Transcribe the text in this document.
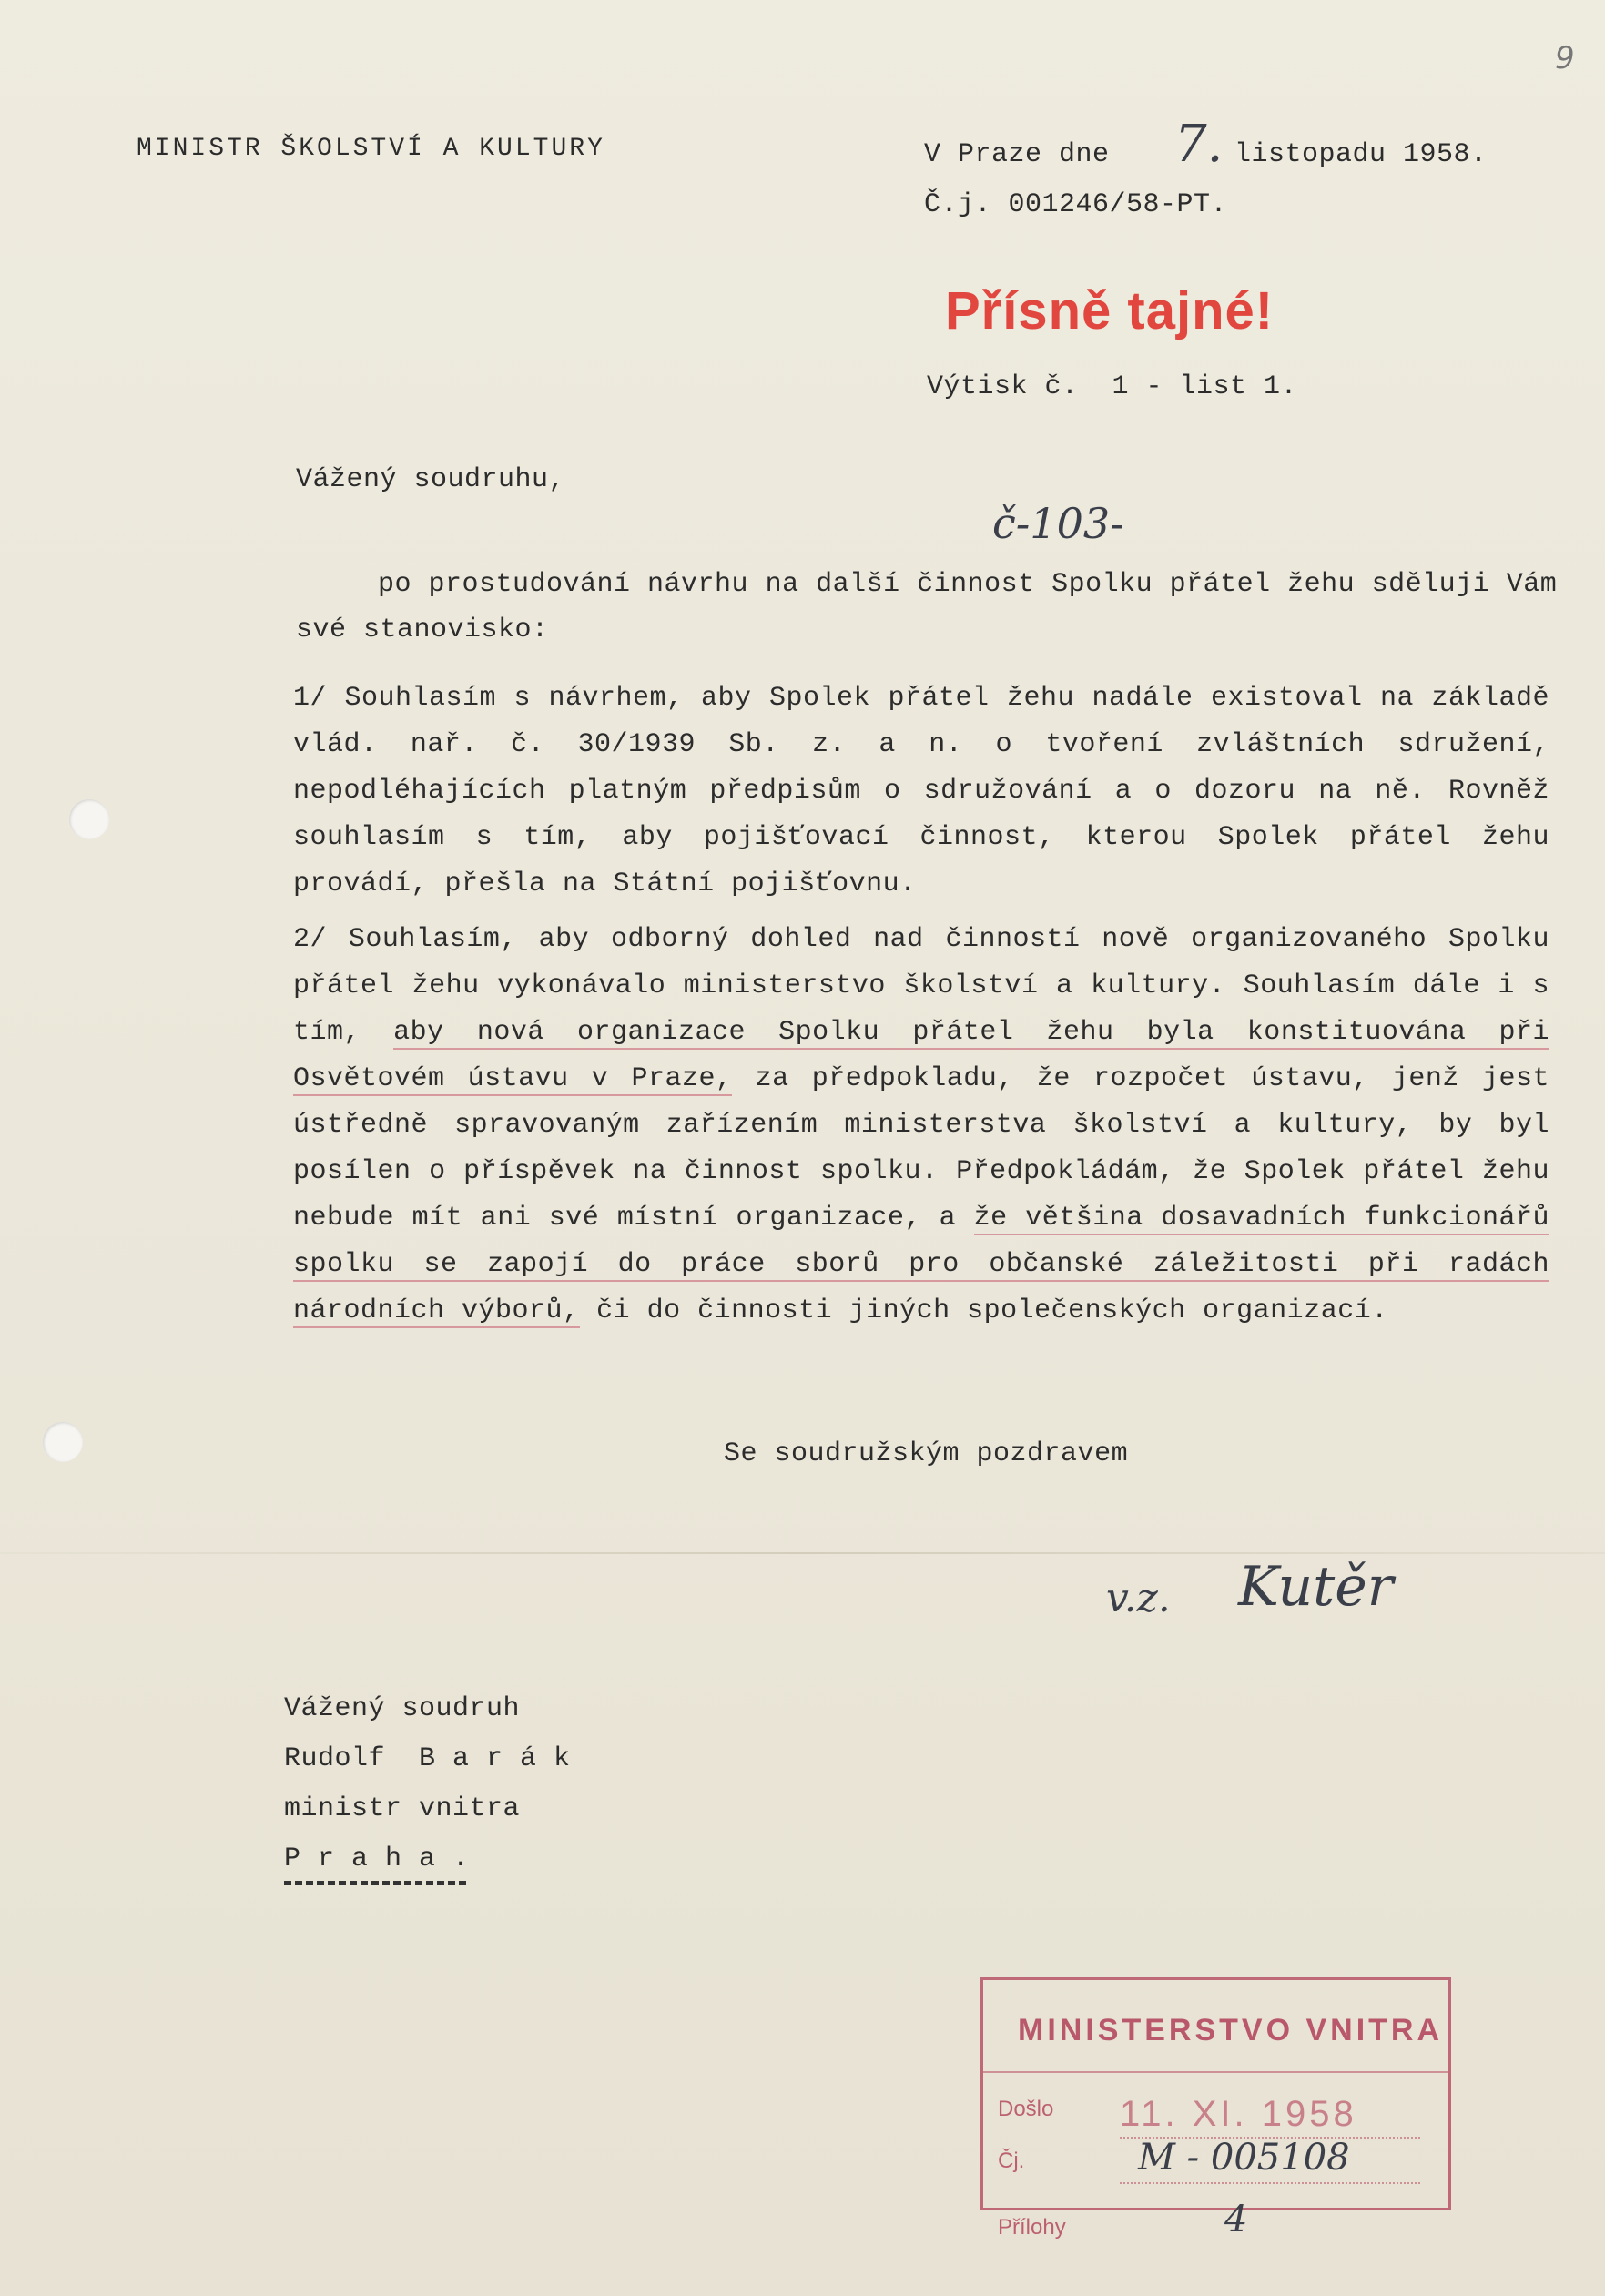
9
MINISTR ŠKOLSTVÍ A KULTURY	V Praze dne 7. listopadu 1958.
Č.j. 001246/58-PT.
Přísně tajné!
Výtisk č.  1 - list 1.
Vážený soudruhu,
č-103-
po prostudování návrhu na další činnost Spolku přátel žehu sděluji Vám
své stanovisko:
1/ Souhlasím s návrhem, aby Spolek přátel žehu nadále existoval na základě vlád. nař. č. 30/1939 Sb. z. a n. o tvoření zvláštních sdružení, nepodléhajících platným předpisům o sdružování a o dozoru na ně. Rovněž souhlasím s tím, aby pojišťovací činnost, kterou Spolek přátel žehu provádí, přešla na Státní pojišťovnu.
2/ Souhlasím, aby odborný dohled nad činností nově organizovaného Spolku přátel žehu vykonávalo ministerstvo školství a kultury. Souhlasím dále i s tím, aby nová organizace Spolku přátel žehu byla konstituována při Osvětovém ústavu v Praze, za předpokladu, že rozpočet ústavu, jenž jest ústředně spravovaným zařízením ministerstva školství a kultury, by byl posílen o příspěvek na činnost spolku. Předpokládám, že Spolek přátel žehu nebude mít ani své místní organizace, a že většina dosavadních funkcionářů spolku se zapojí do práce sborů pro občanské záležitosti při radách národních výborů, či do činnosti jiných společenských organizací.
Se soudružským pozdravem
v.z. Kutěr
Vážený soudruh
Rudolf  B a r á k
ministr vnitra
P r a h a .
MINISTERSTVO VNITRA
Došlo 11. XI. 1958
Čj.	M - 005108
Přílohy	4
